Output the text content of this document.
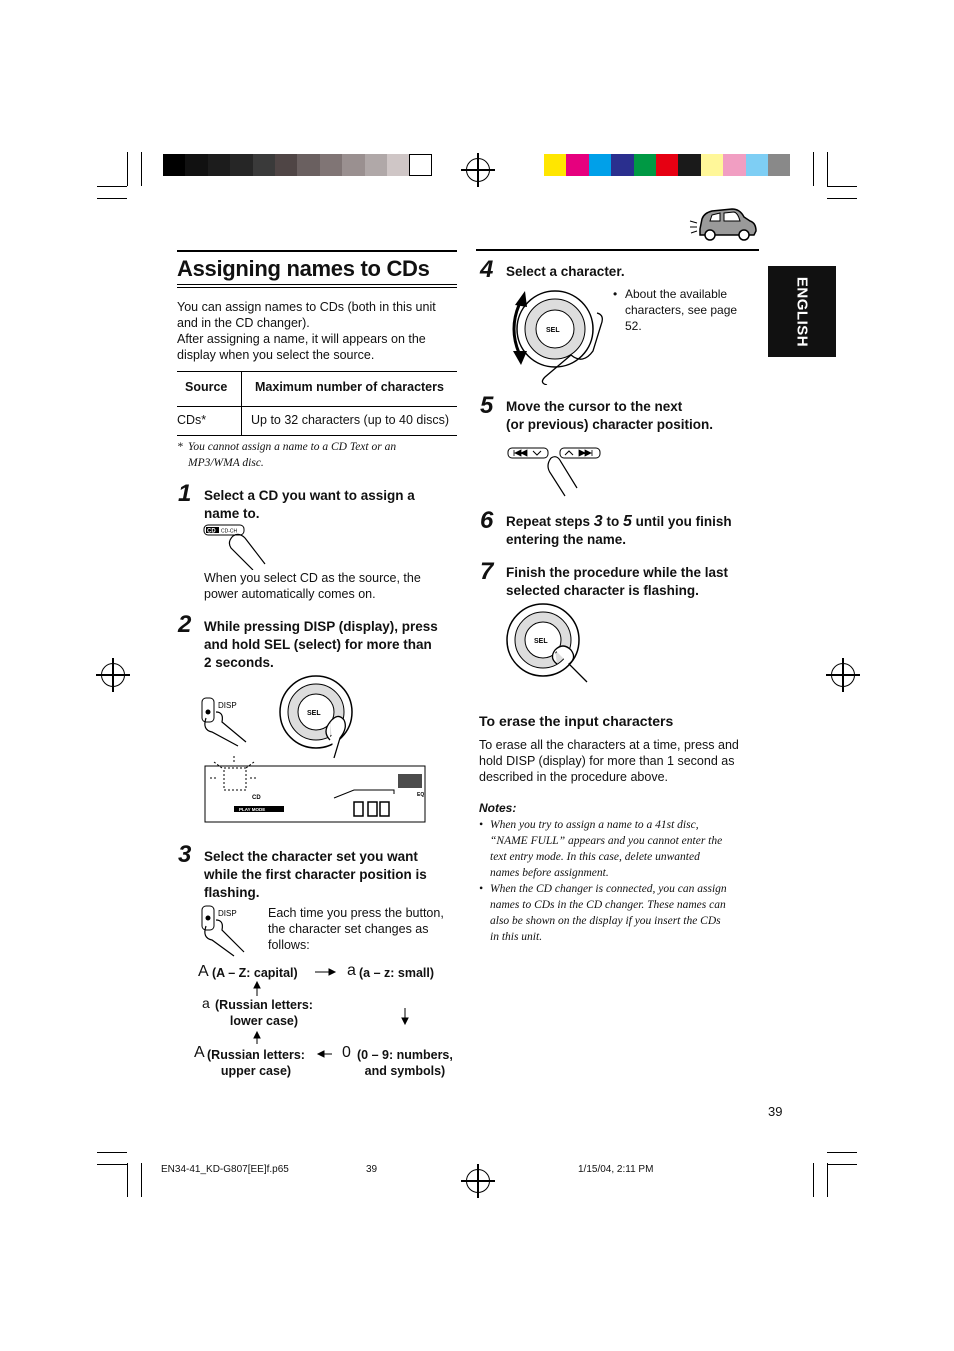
ENGLISH
Assigning names to CDs
You can assign names to CDs (both in this unit
and in the CD changer).
After assigning a name, it will appears on the
display when you select the source.
Source	Maximum number of characters
CDs*	Up to 32 characters (up to 40 discs)
* You cannot assign a name to a CD Text or an
MP3/WMA disc.
1 Select a CD you want to assign a
name to.
CD CD-CH
When you select CD as the source, the
power automatically comes on.
2 While pressing DISP (display), press
and hold SEL (select) for more than
2 seconds.
DISP
SEL
CD
PLAY MODE
EQ
3 Select the character set you want
while the first character position is
flashing.
DISP	Each time you press the button,
the character set changes as
follows:
A (A – Z: capital)	a (a – z: small)
a (Russian letters:
lower case)
A (Russian letters:
upper case)
0 (0 – 9: numbers,
and symbols)
4 Select a character.
SEL
• About the available
characters, see page
52.
5 Move the cursor to the next
(or previous) character position.
6 Repeat steps 3 to 5 until you finish
entering the name.
7 Finish the procedure while the last
selected character is flashing.
SEL
To erase the input characters
To erase all the characters at a time, press and
hold DISP (display) for more than 1 second as
described in the procedure above.
Notes:
• When you try to assign a name to a 41st disc,
“NAME FULL” appears and you cannot enter the
text entry mode. In this case, delete unwanted
names before assignment.
• When the CD changer is connected, you can assign
names to CDs in the CD changer. These names can
also be shown on the display if you insert the CDs
in this unit.
39
EN34-41_KD-G807[EE]f.p65	39	1/15/04, 2:11 PM
